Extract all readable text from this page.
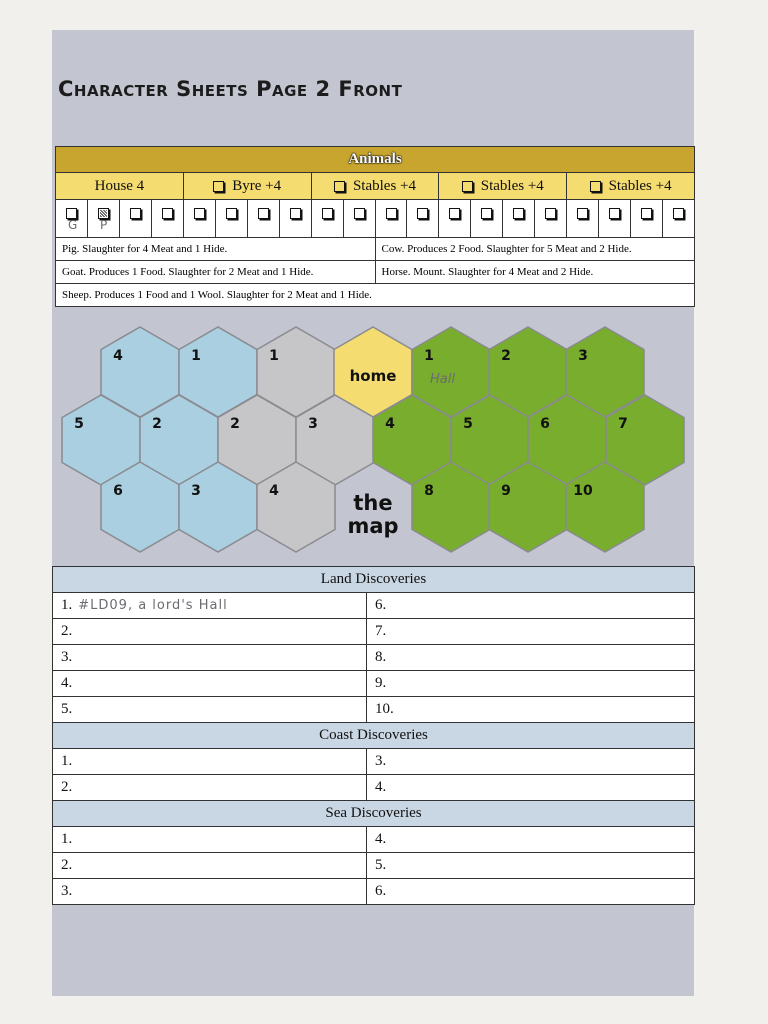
Character Sheets Page 2 Front
Animals
House 4	Byre +4	Stables +4	Stables +4	Stables +4
G P
Pig. Slaughter for 4 Meat and 1 Hide.	Cow. Produces 2 Food. Slaughter for 5 Meat and 2 Hide.
Goat. Produces 1 Food. Slaughter for 2 Meat and 1 Hide.	Horse. Mount. Slaughter for 4 Meat and 2 Hide.
Sheep. Produces 1 Food and 1 Wool. Slaughter for 2 Meat and 1 Hide.
4	1	1	1	2	3
5	2	2	3	4	5	6	7
6	3	4	8	9	10
home	Hall
the
map
Land Discoveries	
1. #LD09, a lord's Hall	6.
2.	7.
3.	8.
4.	9.
5.	10.
Coast Discoveries	
1.	3.
2.	4.
Sea Discoveries	
1.	4.
2.	5.
3.	6.
